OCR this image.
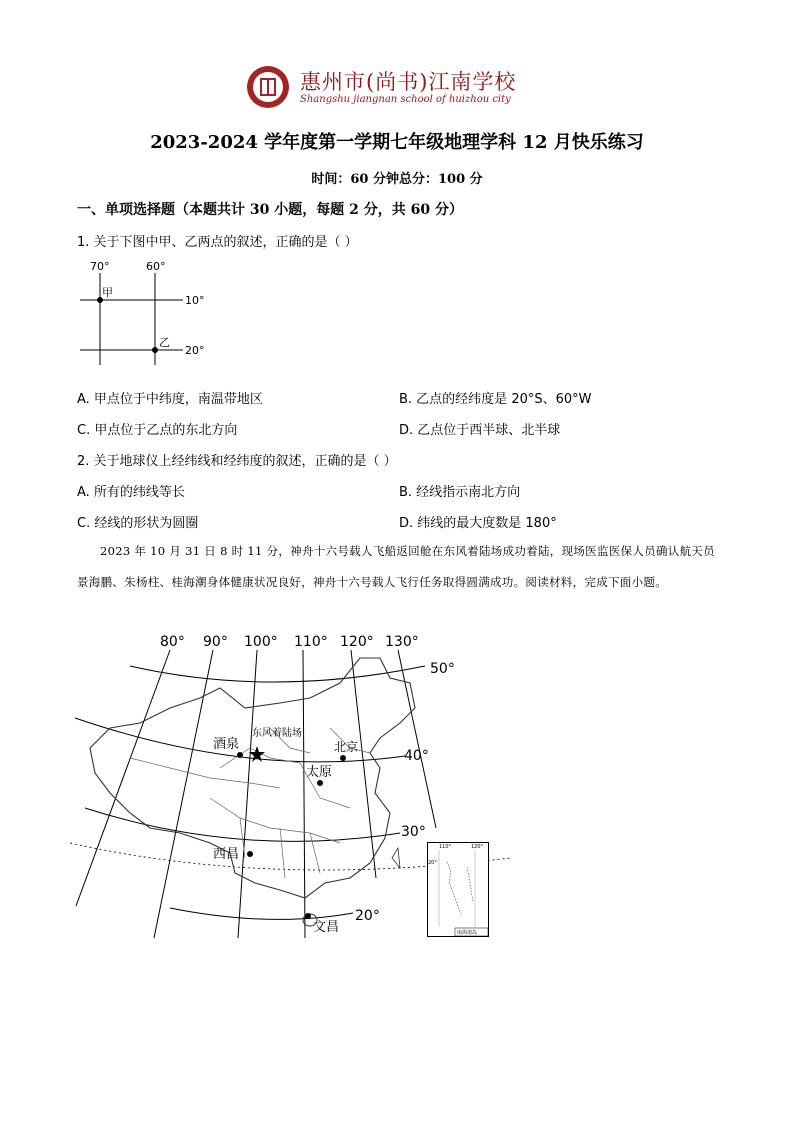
惠州市(尚书)江南学校
Shangshu jiangnan school of huizhou city
2023-2024 学年度第一学期七年级地理学科 12 月快乐练习
时间：60 分钟总分：100 分
一、单项选择题（本题共计 30 小题，每题 2 分，共 60 分）
1. 关于下图中甲、乙两点的叙述，正确的是（ ）
70°	60°
10°
20°
甲
乙
A. 甲点位于中纬度，南温带地区	B. 乙点的经纬度是 20°S、60°W
C. 甲点位于乙点的东北方向	D. 乙点位于西半球、北半球
2. 关于地球仪上经纬线和经纬度的叙述，正确的是（ ）
A. 所有的纬线等长	B. 经线指示南北方向
C. 经线的形状为圆圈	D. 纬线的最大度数是 180°
2023 年 10 月 31 日 8 时 11 分，神舟十六号载人飞船返回舱在东风着陆场成功着陆，现场医监医保人员确认航天员景海鹏、朱杨柱、桂海潮身体健康状况良好，神舟十六号载人飞行任务取得圆满成功。阅读材料，完成下面小题。
80° 90° 100° 110° 120° 130°
50°
40°
30°
20°
酒泉
东风着陆场
北京
太原
西昌
文昌
110°	120°
20°
南海诸岛
